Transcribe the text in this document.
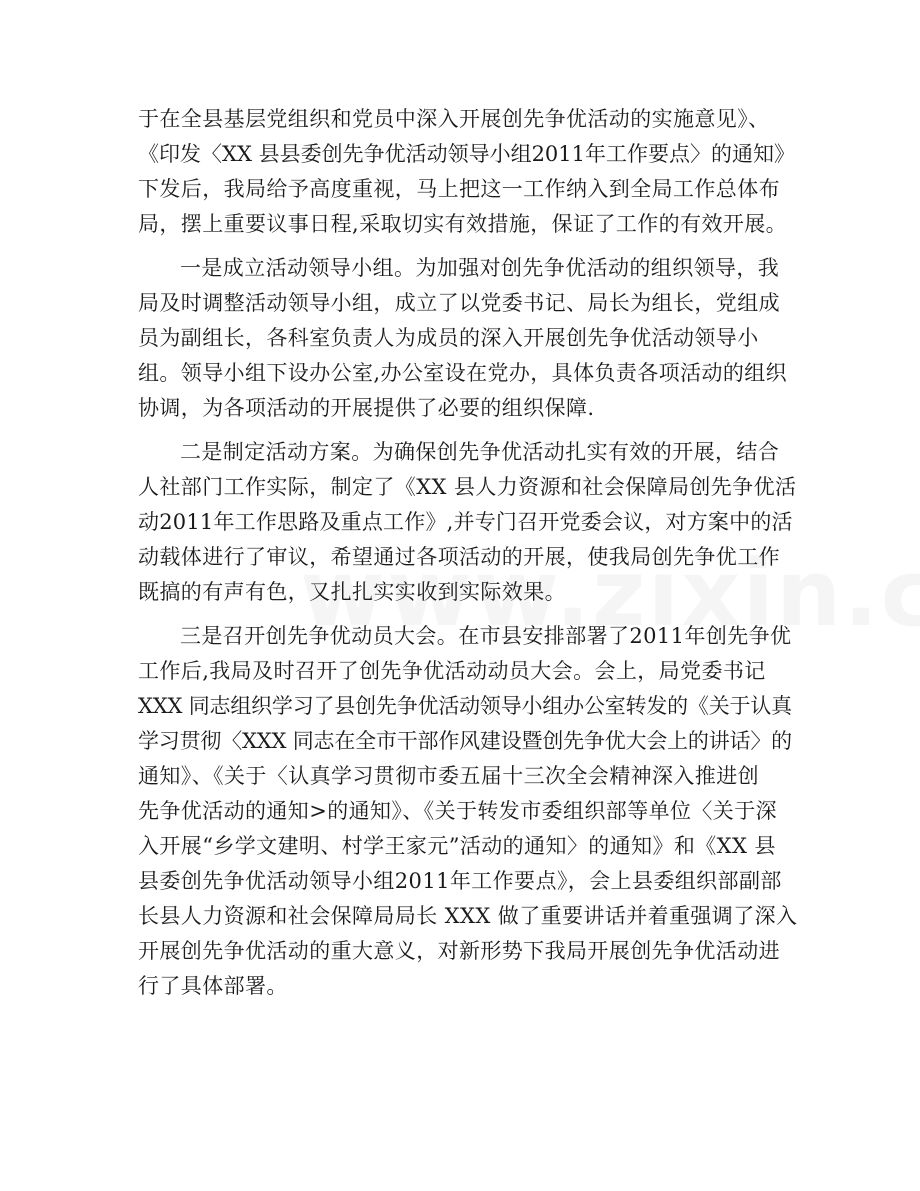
于在全县基层党组织和党员中深入开展创先争优活动的实施意见》、
《印发〈XX 县县委创先争优活动领导小组2011年工作要点〉的通知》
下发后，我局给予高度重视，马上把这一工作纳入到全局工作总体布
局，摆上重要议事日程,采取切实有效措施，保证了工作的有效开展。
一是成立活动领导小组。为加强对创先争优活动的组织领导，我
局及时调整活动领导小组，成立了以党委书记、局长为组长，党组成
员为副组长，各科室负责人为成员的深入开展创先争优活动领导小
组。领导小组下设办公室,办公室设在党办，具体负责各项活动的组织
协调，为各项活动的开展提供了必要的组织保障.
二是制定活动方案。为确保创先争优活动扎实有效的开展，结合
人社部门工作实际，制定了《XX 县人力资源和社会保障局创先争优活
动2011年工作思路及重点工作》,并专门召开党委会议，对方案中的活
动载体进行了审议，希望通过各项活动的开展，使我局创先争优工作
既搞的有声有色，又扎扎实实收到实际效果。
三是召开创先争优动员大会。在市县安排部署了2011年创先争优
工作后,我局及时召开了创先争优活动动员大会。会上，局党委书记
XXX 同志组织学习了县创先争优活动领导小组办公室转发的《关于认真
学习贯彻〈XXX 同志在全市干部作风建设暨创先争优大会上的讲话〉的
通知》、《关于〈认真学习贯彻市委五届十三次全会精神深入推进创
先争优活动的通知>的通知》、《关于转发市委组织部等单位〈关于深
入开展“乡学文建明、村学王家元”活动的通知〉的通知》和《XX 县
县委创先争优活动领导小组2011年工作要点》，会上县委组织部副部
长县人力资源和社会保障局局长 XXX 做了重要讲话并着重强调了深入
开展创先争优活动的重大意义，对新形势下我局开展创先争优活动进
行了具体部署。
